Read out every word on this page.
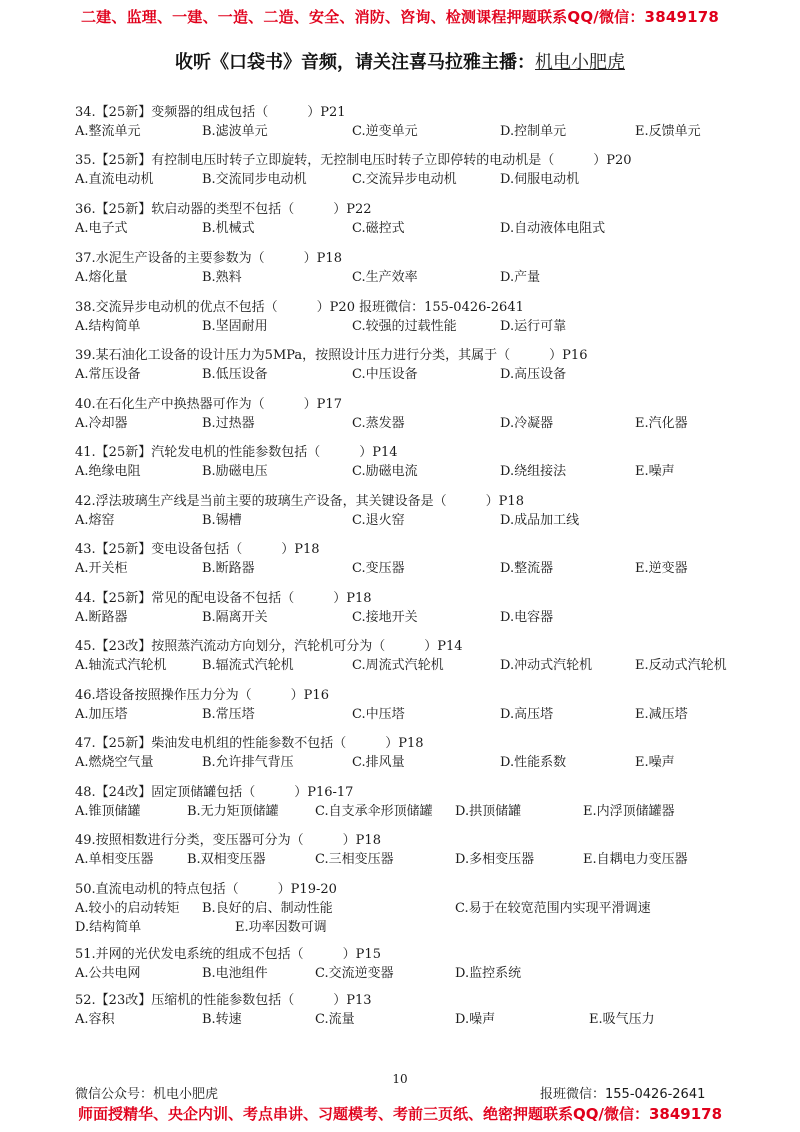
二建、监理、一建、一造、二造、安全、消防、咨询、检测课程押题联系QQ/微信：3849178
收听《口袋书》音频，请关注喜马拉雅主播：机电小肥虎
34.【25新】变频器的组成包括（　　　）P21
A.整流单元	B.滤波单元	C.逆变单元	D.控制单元	E.反馈单元
35.【25新】有控制电压时转子立即旋转，无控制电压时转子立即停转的电动机是（　　　）P20
A.直流电动机	B.交流同步电动机	C.交流异步电动机	D.伺服电动机
36.【25新】软启动器的类型不包括（　　　）P22
A.电子式	B.机械式	C.磁控式	D.自动液体电阻式
37.水泥生产设备的主要参数为（　　　）P18
A.熔化量	B.熟料	C.生产效率	D.产量
38.交流异步电动机的优点不包括（　　　）P20 报班微信：155-0426-2641
A.结构简单	B.坚固耐用	C.较强的过载性能	D.运行可靠
39.某石油化工设备的设计压力为5MPa，按照设计压力进行分类，其属于（　　　）P16
A.常压设备	B.低压设备	C.中压设备	D.高压设备
40.在石化生产中换热器可作为（　　　）P17
A.冷却器	B.过热器	C.蒸发器	D.冷凝器	E.汽化器
41.【25新】汽轮发电机的性能参数包括（　　　）P14
A.绝缘电阻	B.励磁电压	C.励磁电流	D.绕组接法	E.噪声
42.浮法玻璃生产线是当前主要的玻璃生产设备，其关键设备是（　　　）P18
A.熔窑	B.锡槽	C.退火窑	D.成品加工线
43.【25新】变电设备包括（　　　）P18
A.开关柜	B.断路器	C.变压器	D.整流器	E.逆变器
44.【25新】常见的配电设备不包括（　　　）P18
A.断路器	B.隔离开关	C.接地开关	D.电容器
45.【23改】按照蒸汽流动方向划分，汽轮机可分为（　　　）P14
A.轴流式汽轮机	B.辐流式汽轮机	C.周流式汽轮机	D.冲动式汽轮机	E.反动式汽轮机
46.塔设备按照操作压力分为（　　　）P16
A.加压塔	B.常压塔	C.中压塔	D.高压塔	E.减压塔
47.【25新】柴油发电机组的性能参数不包括（　　　）P18
A.燃烧空气量	B.允许排气背压	C.排风量	D.性能系数	E.噪声
48.【24改】固定顶储罐包括（　　　）P16-17
A.锥顶储罐	B.无力矩顶储罐	C.自支承伞形顶储罐 D.拱顶储罐	E.内浮顶储罐器
49.按照相数进行分类，变压器可分为（　　　）P18
A.单相变压器	B.双相变压器	C.三相变压器	D.多相变压器	E.自耦电力变压器
50.直流电动机的特点包括（　　　）P19-20
A.较小的启动转矩 B.良好的启、制动性能	C.易于在较宽范围内实现平滑调速
D.结构简单	E.功率因数可调
51.并网的光伏发电系统的组成不包括（　　　）P15
A.公共电网	B.电池组件	C.交流逆变器	D.监控系统
52.【23改】压缩机的性能参数包括（　　　）P13
A.容积	B.转速	C.流量	D.噪声	E.吸气压力
10
微信公众号：机电小肥虎	报班微信：155-0426-2641
师面授精华、央企内训、考点串讲、习题模考、考前三页纸、绝密押题联系QQ/微信：3849178
